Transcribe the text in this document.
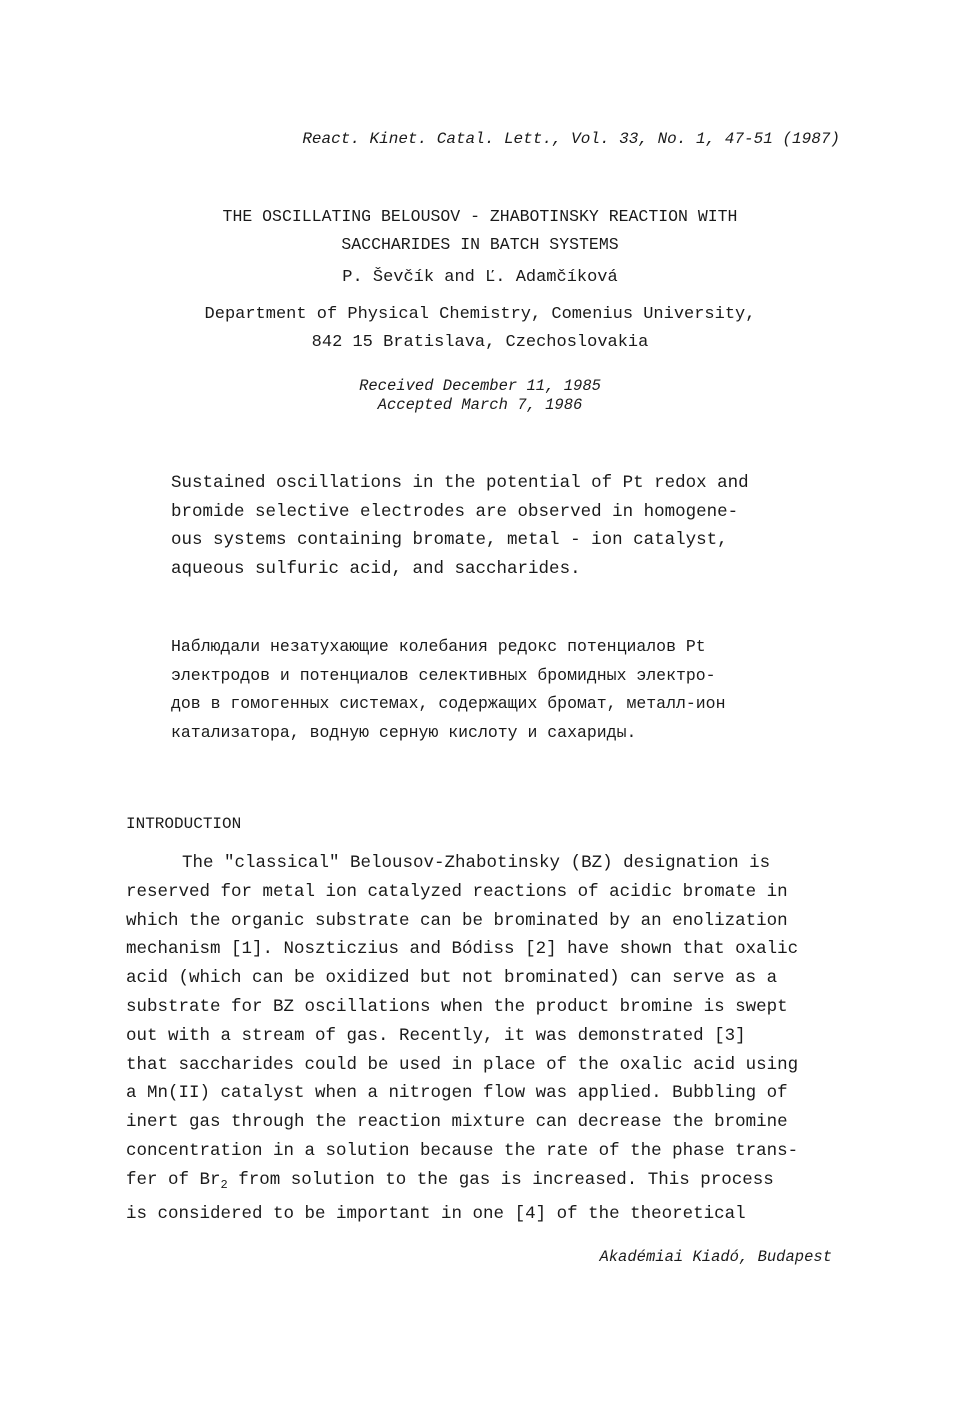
React. Kinet. Catal. Lett., Vol. 33, No. 1, 47-51 (1987)
THE OSCILLATING BELOUSOV - ZHABOTINSKY REACTION WITH
SACCHARIDES IN BATCH SYSTEMS
P. Ševčík and Ľ. Adamčíková
Department of Physical Chemistry, Comenius University,
842 15 Bratislava, Czechoslovakia
Received December 11, 1985
Accepted March 7, 1986
Sustained oscillations in the potential of Pt redox and
bromide selective electrodes are observed in homogene-
ous systems containing bromate, metal - ion catalyst,
aqueous sulfuric acid, and saccharides.
Наблюдали незатухающие колебания редокс потенциалов Pt
электродов и потенциалов селективных бромидных электро-
дов в гомогенных системах, содержащих бромат, металл-ион
катализатора, водную серную кислоту и сахариды.
INTRODUCTION
The "classical" Belousov-Zhabotinsky (BZ) designation is
reserved for metal ion catalyzed reactions of acidic bromate in
which the organic substrate can be brominated by an enolization
mechanism [1]. Noszticzius and Bódiss [2] have shown that oxalic
acid (which can be oxidized but not brominated) can serve as a
substrate for BZ oscillations when the product bromine is swept
out with a stream of gas. Recently, it was demonstrated [3]
that saccharides could be used in place of the oxalic acid using
a Mn(II) catalyst when a nitrogen flow was applied. Bubbling of
inert gas through the reaction mixture can decrease the bromine
concentration in a solution because the rate of the phase trans-
fer of $Br_2$ from solution to the gas is increased. This process
is considered to be important in one [4] of the theoretical
Akadémiai Kiadó, Budapest
